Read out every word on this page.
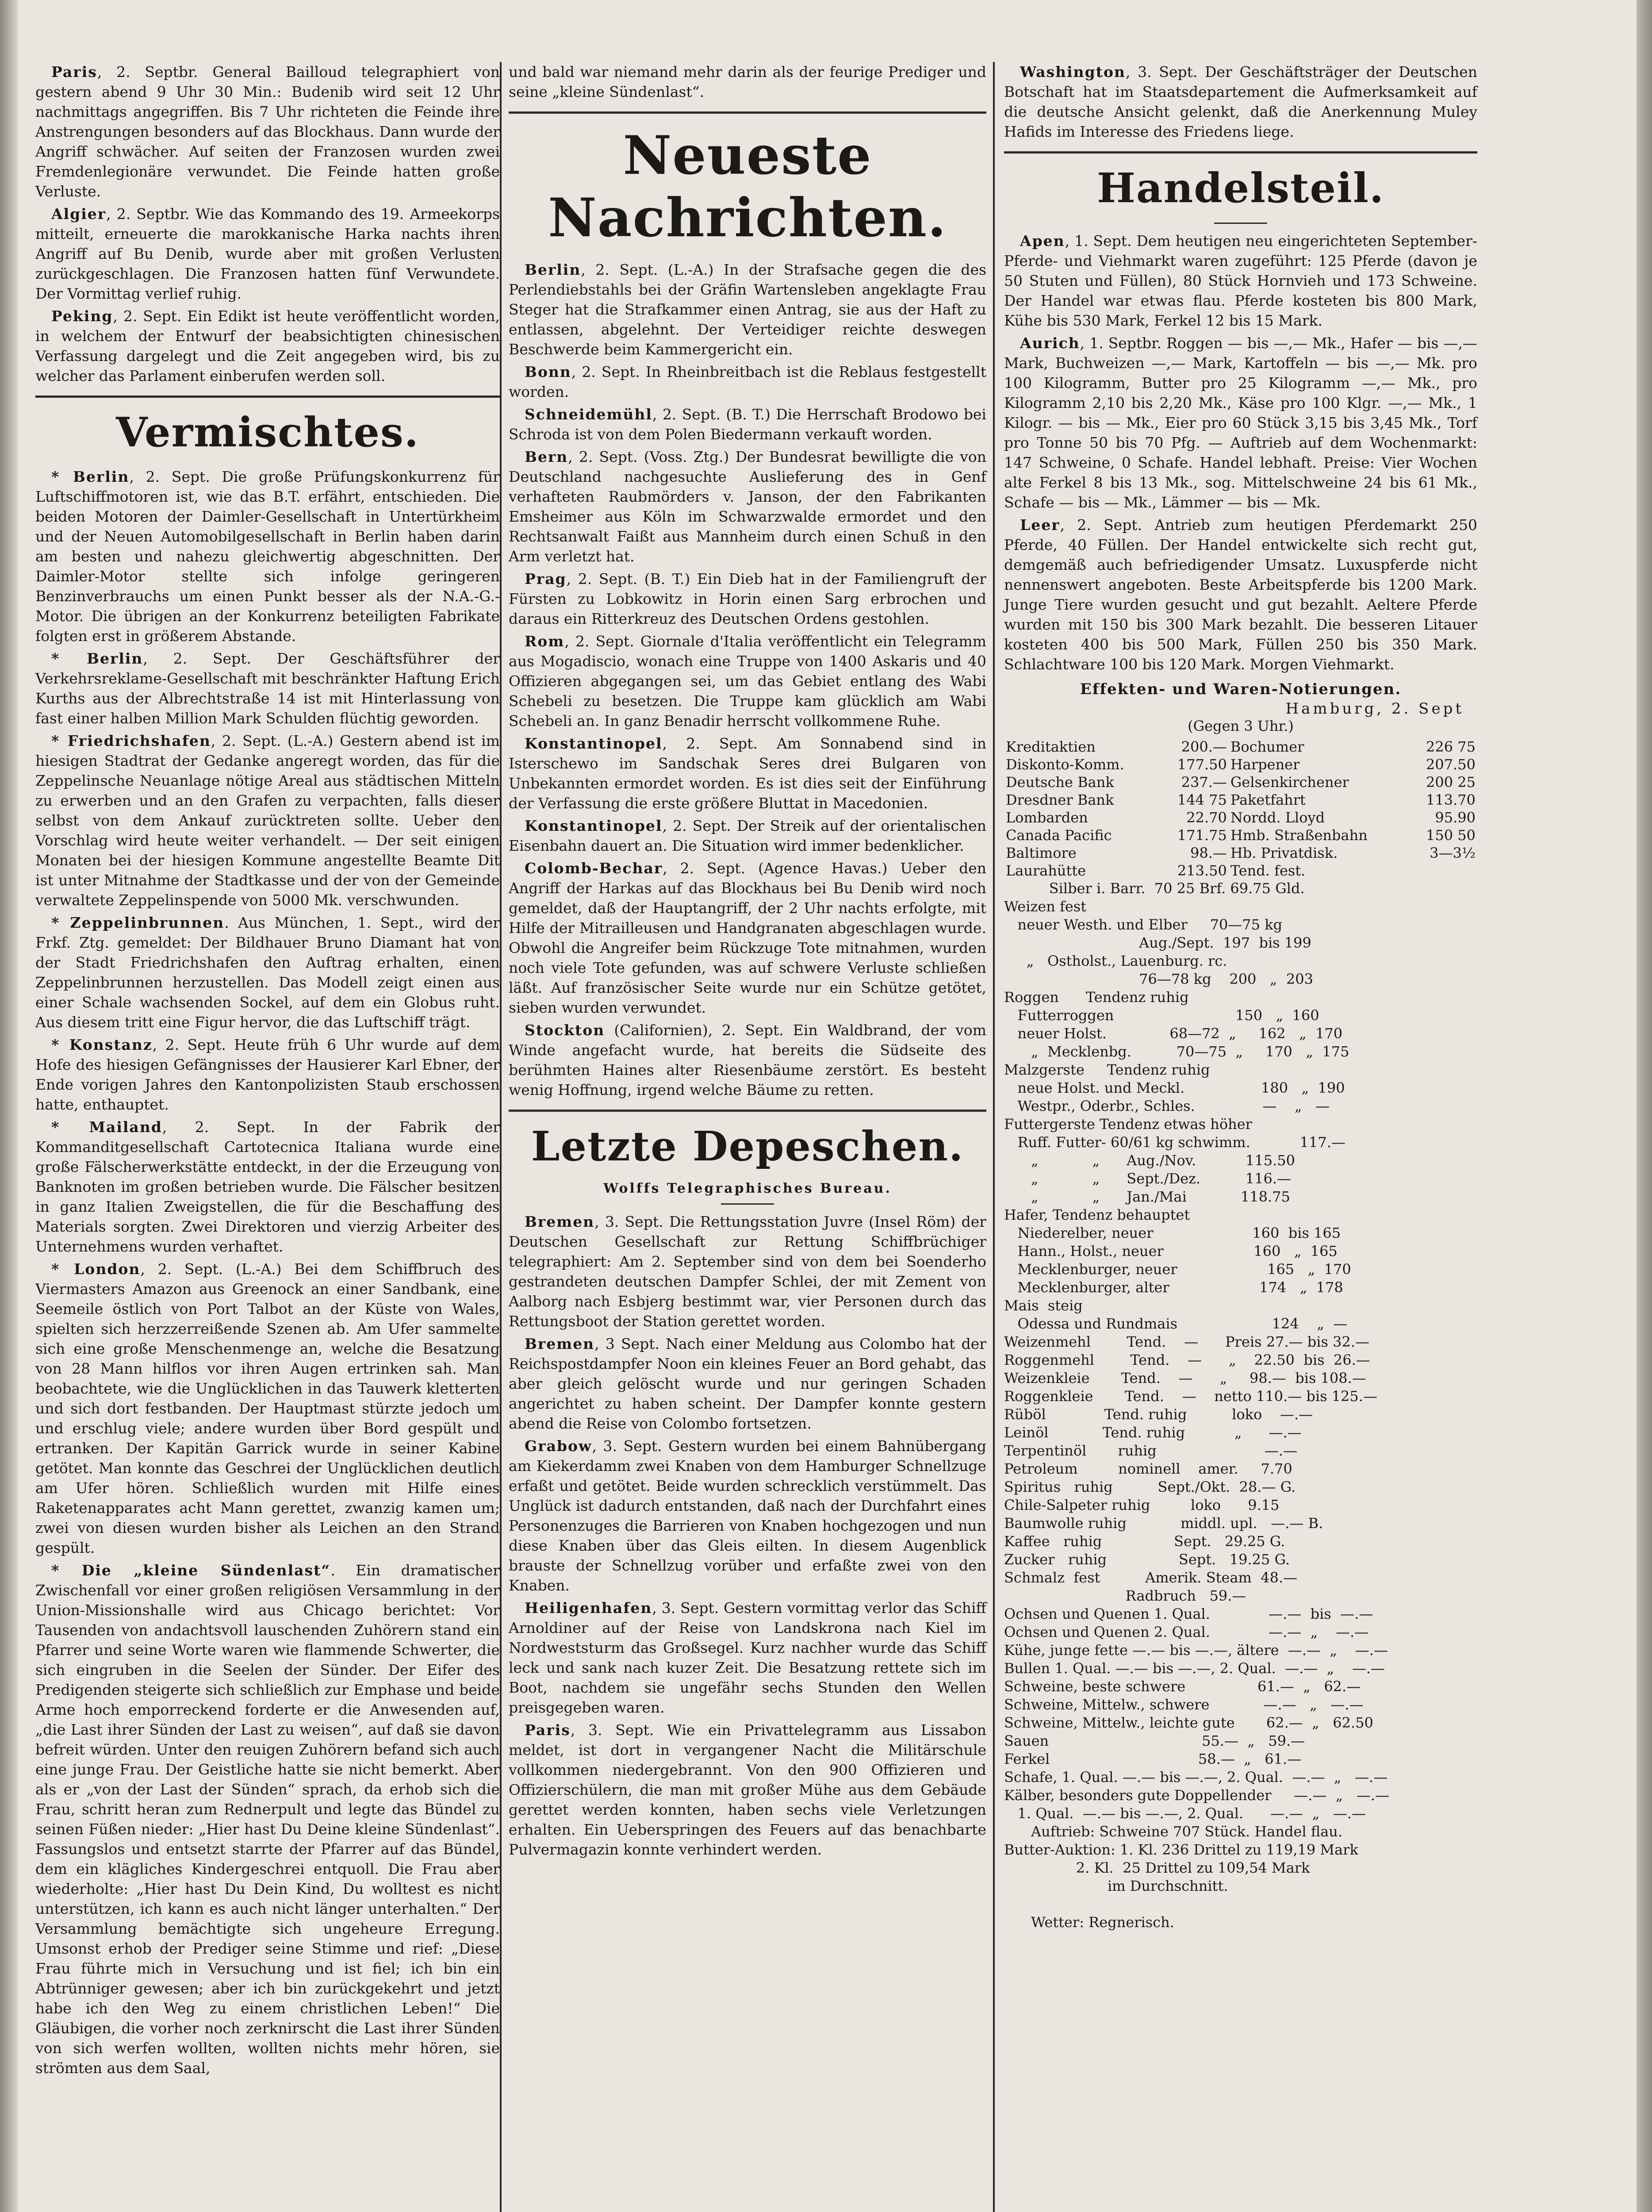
Paris, 2. Septbr. General Bailloud telegraphiert von gestern abend 9 Uhr 30 Min.: Budenib wird seit 12 Uhr nachmittags angegriffen. Bis 7 Uhr richteten die Feinde ihre Anstrengungen besonders auf das Blockhaus. Dann wurde der Angriff schwächer. Auf seiten der Franzosen wurden zwei Fremdenlegionäre verwundet. Die Feinde hatten große Verluste.

Algier, 2. Septbr. Wie das Kommando des 19. Armeekorps mitteilt, erneuerte die marokkanische Harka nachts ihren Angriff auf Bu Denib, wurde aber mit großen Verlusten zurückgeschlagen. Die Franzosen hatten fünf Verwundete. Der Vormittag verlief ruhig.

Peking, 2. Sept. Ein Edikt ist heute veröffentlicht worden, in welchem der Entwurf der beabsichtigten chinesischen Verfassung dargelegt und die Zeit angegeben wird, bis zu welcher das Parlament einberufen werden soll.

Vermischtes.

* Berlin, 2. Sept. Die große Prüfungskonkurrenz für Luftschiffmotoren ist, wie das B.T. erfährt, entschieden. Die beiden Motoren der Daimler-Gesellschaft in Untertürkheim und der Neuen Automobilgesellschaft in Berlin haben darin am besten und nahezu gleichwertig abgeschnitten. Der Daimler-Motor stellte sich infolge geringeren Benzinverbrauchs um einen Punkt besser als der N.A.-G.-Motor. Die übrigen an der Konkurrenz beteiligten Fabrikate folgten erst in größerem Abstande.

* Berlin, 2. Sept. Der Geschäftsführer der Verkehrsreklame-Gesellschaft mit beschränkter Haftung Erich Kurths aus der Albrechtstraße 14 ist mit Hinterlassung von fast einer halben Million Mark Schulden flüchtig geworden.

* Friedrichshafen, 2. Sept. (L.-A.) Gestern abend ist im hiesigen Stadtrat der Gedanke angeregt worden, das für die Zeppelinsche Neuanlage nötige Areal aus städtischen Mitteln zu erwerben und an den Grafen zu verpachten, falls dieser selbst von dem Ankauf zurücktreten sollte. Ueber den Vorschlag wird heute weiter verhandelt. — Der seit einigen Monaten bei der hiesigen Kommune angestellte Beamte Dit ist unter Mitnahme der Stadtkasse und der von der Gemeinde verwaltete Zeppelinspende von 5000 Mk. verschwunden.

* Zeppelinbrunnen. Aus München, 1. Sept., wird der Frkf. Ztg. gemeldet: Der Bildhauer Bruno Diamant hat von der Stadt Friedrichshafen den Auftrag erhalten, einen Zeppelinbrunnen herzustellen. Das Modell zeigt einen aus einer Schale wachsenden Sockel, auf dem ein Globus ruht. Aus diesem tritt eine Figur hervor, die das Luftschiff trägt.

* Konstanz, 2. Sept. Heute früh 6 Uhr wurde auf dem Hofe des hiesigen Gefängnisses der Hausierer Karl Ebner, der Ende vorigen Jahres den Kantonpolizisten Staub erschossen hatte, enthauptet.

* Mailand, 2. Sept. In der Fabrik der Kommanditgesellschaft Cartotecnica Italiana wurde eine große Fälscherwerkstätte entdeckt, in der die Erzeugung von Banknoten im großen betrieben wurde. Die Fälscher besitzen in ganz Italien Zweigstellen, die für die Beschaffung des Materials sorgten. Zwei Direktoren und vierzig Arbeiter des Unternehmens wurden verhaftet.

* London, 2. Sept. (L.-A.) Bei dem Schiffbruch des Viermasters Amazon aus Greenock an einer Sandbank, eine Seemeile östlich von Port Talbot an der Küste von Wales, spielten sich herzzerreißende Szenen ab. Am Ufer sammelte sich eine große Menschenmenge an, welche die Besatzung von 28 Mann hilflos vor ihren Augen ertrinken sah. Man beobachtete, wie die Unglücklichen in das Tauwerk kletterten und sich dort festbanden. Der Hauptmast stürzte jedoch um und erschlug viele; andere wurden über Bord gespült und ertranken. Der Kapitän Garrick wurde in seiner Kabine getötet. Man konnte das Geschrei der Unglücklichen deutlich am Ufer hören. Schließlich wurden mit Hilfe eines Raketenapparates acht Mann gerettet, zwanzig kamen um; zwei von diesen wurden bisher als Leichen an den Strand gespült.

* Die „kleine Sündenlast“. Ein dramatischer Zwischenfall vor einer großen religiösen Versammlung in der Union-Missionshalle wird aus Chicago berichtet: Vor Tausenden von andachtsvoll lauschenden Zuhörern stand ein Pfarrer und seine Worte waren wie flammende Schwerter, die sich eingruben in die Seelen der Sünder. Der Eifer des Predigenden steigerte sich schließlich zur Emphase und beide Arme hoch emporreckend forderte er die Anwesenden auf, „die Last ihrer Sünden der Last zu weisen“, auf daß sie davon befreit würden. Unter den reuigen Zuhörern befand sich auch eine junge Frau. Der Geistliche hatte sie nicht bemerkt. Aber als er „von der Last der Sünden“ sprach, da erhob sich die Frau, schritt heran zum Rednerpult und legte das Bündel zu seinen Füßen nieder: „Hier hast Du Deine kleine Sündenlast“. Fassungslos und entsetzt starrte der Pfarrer auf das Bündel, dem ein klägliches Kindergeschrei entquoll. Die Frau aber wiederholte: „Hier hast Du Dein Kind, Du wolltest es nicht unterstützen, ich kann es auch nicht länger unterhalten.“ Der Versammlung bemächtigte sich ungeheure Erregung. Umsonst erhob der Prediger seine Stimme und rief: „Diese Frau führte mich in Versuchung und ist fiel; ich bin ein Abtrünniger gewesen; aber ich bin zurückgekehrt und jetzt habe ich den Weg zu einem christlichen Leben!“ Die Gläubigen, die vorher noch zerknirscht die Last ihrer Sünden von sich werfen wollten, wollten nichts mehr hören, sie strömten aus dem Saal,

und bald war niemand mehr darin als der feurige Prediger und seine „kleine Sündenlast“.

Neueste Nachrichten.

Berlin, 2. Sept. (L.-A.) In der Strafsache gegen die des Perlendiebstahls bei der Gräfin Wartensleben angeklagte Frau Steger hat die Strafkammer einen Antrag, sie aus der Haft zu entlassen, abgelehnt. Der Verteidiger reichte deswegen Beschwerde beim Kammergericht ein.

Bonn, 2. Sept. In Rheinbreitbach ist die Reblaus festgestellt worden.

Schneidemühl, 2. Sept. (B. T.) Die Herrschaft Brodowo bei Schroda ist von dem Polen Biedermann verkauft worden.

Bern, 2. Sept. (Voss. Ztg.) Der Bundesrat bewilligte die von Deutschland nachgesuchte Auslieferung des in Genf verhafteten Raubmörders v. Janson, der den Fabrikanten Emsheimer aus Köln im Schwarzwalde ermordet und den Rechtsanwalt Faißt aus Mannheim durch einen Schuß in den Arm verletzt hat.

Prag, 2. Sept. (B. T.) Ein Dieb hat in der Familiengruft der Fürsten zu Lobkowitz in Horin einen Sarg erbrochen und daraus ein Ritterkreuz des Deutschen Ordens gestohlen.

Rom, 2. Sept. Giornale d'Italia veröffentlicht ein Telegramm aus Mogadiscio, wonach eine Truppe von 1400 Askaris und 40 Offizieren abgegangen sei, um das Gebiet entlang des Wabi Schebeli zu besetzen. Die Truppe kam glücklich am Wabi Schebeli an. In ganz Benadir herrscht vollkommene Ruhe.

Konstantinopel, 2. Sept. Am Sonnabend sind in Isterschewo im Sandschak Seres drei Bulgaren von Unbekannten ermordet worden. Es ist dies seit der Einführung der Verfassung die erste größere Bluttat in Macedonien.

Konstantinopel, 2. Sept. Der Streik auf der orientalischen Eisenbahn dauert an. Die Situation wird immer bedenklicher.

Colomb-Bechar, 2. Sept. (Agence Havas.) Ueber den Angriff der Harkas auf das Blockhaus bei Bu Denib wird noch gemeldet, daß der Hauptangriff, der 2 Uhr nachts erfolgte, mit Hilfe der Mitrailleusen und Handgranaten abgeschlagen wurde. Obwohl die Angreifer beim Rückzuge Tote mitnahmen, wurden noch viele Tote gefunden, was auf schwere Verluste schließen läßt. Auf französischer Seite wurde nur ein Schütze getötet, sieben wurden verwundet.

Stockton (Californien), 2. Sept. Ein Waldbrand, der vom Winde angefacht wurde, hat bereits die Südseite des berühmten Haines alter Riesenbäume zerstört. Es besteht wenig Hoffnung, irgend welche Bäume zu retten.

Letzte Depeschen.
Wolffs Telegraphisches Bureau.

Bremen, 3. Sept. Die Rettungsstation Juvre (Insel Röm) der Deutschen Gesellschaft zur Rettung Schiffbrüchiger telegraphiert: Am 2. September sind von dem bei Soenderho gestrandeten deutschen Dampfer Schlei, der mit Zement von Aalborg nach Esbjerg bestimmt war, vier Personen durch das Rettungsboot der Station gerettet worden.

Bremen, 3 Sept. Nach einer Meldung aus Colombo hat der Reichspostdampfer Noon ein kleines Feuer an Bord gehabt, das aber gleich gelöscht wurde und nur geringen Schaden angerichtet zu haben scheint. Der Dampfer konnte gestern abend die Reise von Colombo fortsetzen.

Grabow, 3. Sept. Gestern wurden bei einem Bahnübergang am Kiekerdamm zwei Knaben von dem Hamburger Schnellzuge erfaßt und getötet. Beide wurden schrecklich verstümmelt. Das Unglück ist dadurch entstanden, daß nach der Durchfahrt eines Personenzuges die Barrieren von Knaben hochgezogen und nun diese Knaben über das Gleis eilten. In diesem Augenblick brauste der Schnellzug vorüber und erfaßte zwei von den Knaben.

Heiligenhafen, 3. Sept. Gestern vormittag verlor das Schiff Arnoldiner auf der Reise von Landskrona nach Kiel im Nordweststurm das Großsegel. Kurz nachher wurde das Schiff leck und sank nach kuzer Zeit. Die Besatzung rettete sich im Boot, nachdem sie ungefähr sechs Stunden den Wellen preisgegeben waren.

Paris, 3. Sept. Wie ein Privattelegramm aus Lissabon meldet, ist dort in vergangener Nacht die Militärschule vollkommen niedergebrannt. Von den 900 Offizieren und Offizierschülern, die man mit großer Mühe aus dem Gebäude gerettet werden konnten, haben sechs viele Verletzungen erhalten. Ein Ueberspringen des Feuers auf das benachbarte Pulvermagazin konnte verhindert werden.

Washington, 3. Sept. Der Geschäftsträger der Deutschen Botschaft hat im Staatsdepartement die Aufmerksamkeit auf die deutsche Ansicht gelenkt, daß die Anerkennung Muley Hafids im Interesse des Friedens liege.

Handelsteil.

Apen, 1. Sept. Dem heutigen neu eingerichteten September-Pferde- und Viehmarkt waren zugeführt: 125 Pferde (davon je 50 Stuten und Füllen), 80 Stück Hornvieh und 173 Schweine. Der Handel war etwas flau. Pferde kosteten bis 800 Mark, Kühe bis 530 Mark, Ferkel 12 bis 15 Mark.

Aurich, 1. Septbr. Roggen — bis —,— Mk., Hafer — bis —,— Mark, Buchweizen —,— Mark, Kartoffeln — bis —,— Mk. pro 100 Kilogramm, Butter pro 25 Kilogramm —,— Mk., pro Kilogramm 2,10 bis 2,20 Mk., Käse pro 100 Klgr. —,— Mk., 1 Kilogr. — bis — Mk., Eier pro 60 Stück 3,15 bis 3,45 Mk., Torf pro Tonne 50 bis 70 Pfg. — Auftrieb auf dem Wochenmarkt: 147 Schweine, 0 Schafe. Handel lebhaft. Preise: Vier Wochen alte Ferkel 8 bis 13 Mk., sog. Mittelschweine 24 bis 61 Mk., Schafe — bis — Mk., Lämmer — bis — Mk.

Leer, 2. Sept. Antrieb zum heutigen Pferdemarkt 250 Pferde, 40 Füllen. Der Handel entwickelte sich recht gut, demgemäß auch befriedigender Umsatz. Luxuspferde nicht nennenswert angeboten. Beste Arbeitspferde bis 1200 Mark. Junge Tiere wurden gesucht und gut bezahlt. Aeltere Pferde wurden mit 150 bis 300 Mark bezahlt. Die besseren Litauer kosteten 400 bis 500 Mark, Füllen 250 bis 350 Mark. Schlachtware 100 bis 120 Mark. Morgen Viehmarkt.

Effekten- und Waren-Notierungen.

Hamburg, 2. Sept

(Gegen 3 Uhr.)

Kreditaktien	200.—	Bochumer	226 75
Diskonto-Komm.	177.50	Harpener	207.50
Deutsche Bank	237.—	Gelsenkirchener	200 25
Dresdner Bank	144 75	Paketfahrt	113.70
Lombarden	22.70	Nordd. Lloyd	95.90
Canada Pacific	171.75	Hmb. Straßenbahn	150 50
Baltimore	98.—	Hb. Privatdisk.	3—3½
Laurahütte	213.50	Tend. fest.	
Silber i. Barr.  70 25 Brf. 69.75 Gld.
Weizen fest
neuer Westh. und Elber     70—75 kg
Aug./Sept.  197  bis 199
„   Ostholst., Lauenburg. rc.
76—78 kg    200   „  203
Roggen      Tendenz ruhig
Futterroggen                           150   „  160
neuer Holst.              68—72  „     162   „  170
„  Mecklenbg.          70—75  „     170   „  175
Malzgerste     Tendenz ruhig
neue Holst. und Meckl.                 180   „  190
Westpr., Oderbr., Schles.               —    „   —
Futtergerste Tendenz etwas höher
Ruff. Futter- 60/61 kg schwimm.           117.—
„            „      Aug./Nov.           115.50
„            „      Sept./Dez.          116.—
„            „      Jan./Mai            118.75
Hafer, Tendenz behauptet
Niederelber, neuer                      160  bis 165
Hann., Holst., neuer                    160   „  165
Mecklenburger, neuer                    165   „  170
Mecklenburger, alter                    174   „  178
Mais  steig
Odessa und Rundmais                     124    „  —
Weizenmehl        Tend.    —      Preis 27.— bis 32.—
Roggenmehl        Tend.    —      „    22.50  bis  26.—
Weizenkleie       Tend.    —      „     98.—  bis 108.—
Roggenkleie       Tend.    —    netto 110.— bis 125.—
Rüböl             Tend. ruhig          loko    —.—
Leinöl            Tend. ruhig           „      —.—
Terpentinöl       ruhig                        —.—
Petroleum         nominell    amer.     7.70
Spiritus   ruhig          Sept./Okt.  28.— G.
Chile-Salpeter ruhig         loko      9.15
Baumwolle ruhig            middl. upl.   —.— B.
Kaffee   ruhig                Sept.   29.25 G.
Zucker   ruhig                Sept.   19.25 G.
Schmalz  fest          Amerik. Steam  48.—
Radbruch   59.—
Ochsen und Quenen 1. Qual.             —.—  bis  —.—
Ochsen und Quenen 2. Qual.             —.—  „    —.—
Kühe, junge fette —.— bis —.—, ältere  —.—  „    —.—
Bullen 1. Qual. —.— bis —.—, 2. Qual.  —.—  „    —.—
Schweine, beste schwere                61.—  „   62.—
Schweine, Mittelw., schwere            —.—   „   —.—
Schweine, Mittelw., leichte gute       62.—  „   62.50
Sauen                                  55.—  „   59.—
Ferkel                                 58.—  „   61.—
Schafe, 1. Qual. —.— bis —.—, 2. Qual.  —.—  „   —.—
Kälber, besonders gute Doppellender     —.—  „   —.—
1. Qual.  —.— bis —.—, 2. Qual.      —.—  „   —.—
Auftrieb: Schweine 707 Stück. Handel flau.
Butter-Auktion: 1. Kl. 236 Drittel zu 119,19 Mark
2. Kl.  25 Drittel zu 109,54 Mark
im Durchschnitt.

Wetter: Regnerisch.
